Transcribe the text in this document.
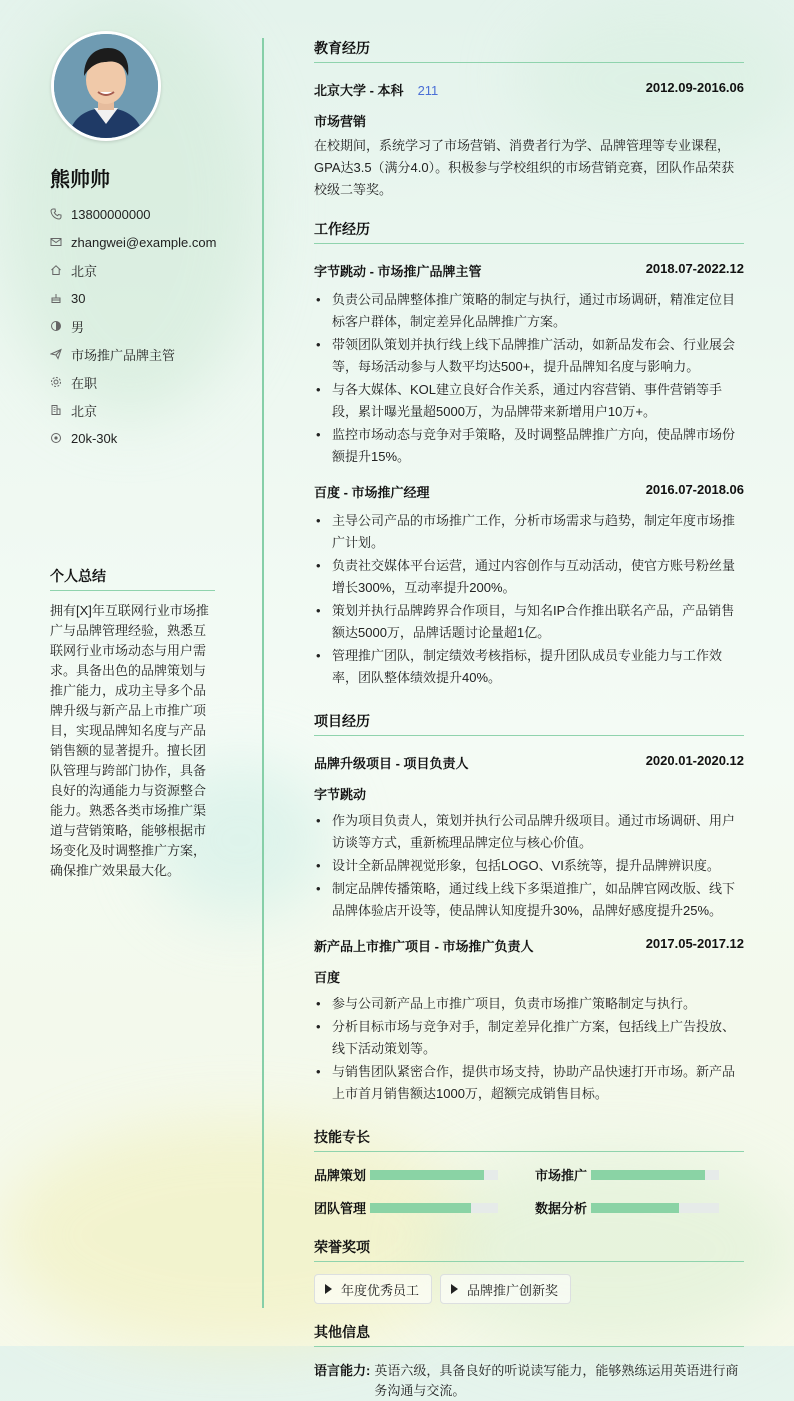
熊帅帅
13800000000
zhangwei@example.com
北京
30
男
市场推广品牌主管
在职
北京
20k-30k
个人总结
拥有[X]年互联网行业市场推广与品牌管理经验，熟悉互联网行业市场动态与用户需求。具备出色的品牌策划与推广能力，成功主导多个品牌升级与新产品上市推广项目，实现品牌知名度与产品销售额的显著提升。擅长团队管理与跨部门协作，具备良好的沟通能力与资源整合能力。熟悉各类市场推广渠道与营销策略，能够根据市场变化及时调整推广方案，确保推广效果最大化。
教育经历
北京大学 - 本科 211	2012.09-2016.06
市场营销
在校期间，系统学习了市场营销、消费者行为学、品牌管理等专业课程，GPA达3.5（满分4.0）。积极参与学校组织的市场营销竞赛，团队作品荣获校级二等奖。
工作经历
字节跳动 - 市场推广品牌主管	2018.07-2022.12
• 负责公司品牌整体推广策略的制定与执行，通过市场调研，精准定位目标客户群体，制定差异化品牌推广方案。
• 带领团队策划并执行线上线下品牌推广活动，如新品发布会、行业展会等，每场活动参与人数平均达500+，提升品牌知名度与影响力。
• 与各大媒体、KOL建立良好合作关系，通过内容营销、事件营销等手段，累计曝光量超5000万，为品牌带来新增用户10万+。
• 监控市场动态与竞争对手策略，及时调整品牌推广方向，使品牌市场份额提升15%。
百度 - 市场推广经理	2016.07-2018.06
• 主导公司产品的市场推广工作，分析市场需求与趋势，制定年度市场推广计划。
• 负责社交媒体平台运营，通过内容创作与互动活动，使官方账号粉丝量增长300%，互动率提升200%。
• 策划并执行品牌跨界合作项目，与知名IP合作推出联名产品，产品销售额达5000万，品牌话题讨论量超1亿。
• 管理推广团队，制定绩效考核指标，提升团队成员专业能力与工作效率，团队整体绩效提升40%。
项目经历
品牌升级项目 - 项目负责人	2020.01-2020.12
字节跳动
• 作为项目负责人，策划并执行公司品牌升级项目。通过市场调研、用户访谈等方式，重新梳理品牌定位与核心价值。
• 设计全新品牌视觉形象，包括LOGO、VI系统等，提升品牌辨识度。
• 制定品牌传播策略，通过线上线下多渠道推广，如品牌官网改版、线下品牌体验店开设等，使品牌认知度提升30%，品牌好感度提升25%。
新产品上市推广项目 - 市场推广负责人	2017.05-2017.12
百度
• 参与公司新产品上市推广项目，负责市场推广策略制定与执行。
• 分析目标市场与竞争对手，制定差异化推广方案，包括线上广告投放、线下活动策划等。
• 与销售团队紧密合作，提供市场支持，协助产品快速打开市场。新产品上市首月销售额达1000万，超额完成销售目标。
技能专长
品牌策划	市场推广
团队管理	数据分析
荣誉奖项
年度优秀员工	品牌推广创新奖
其他信息
语言能力: 英语六级，具备良好的听说读写能力，能够熟练运用英语进行商务沟通与交流。
